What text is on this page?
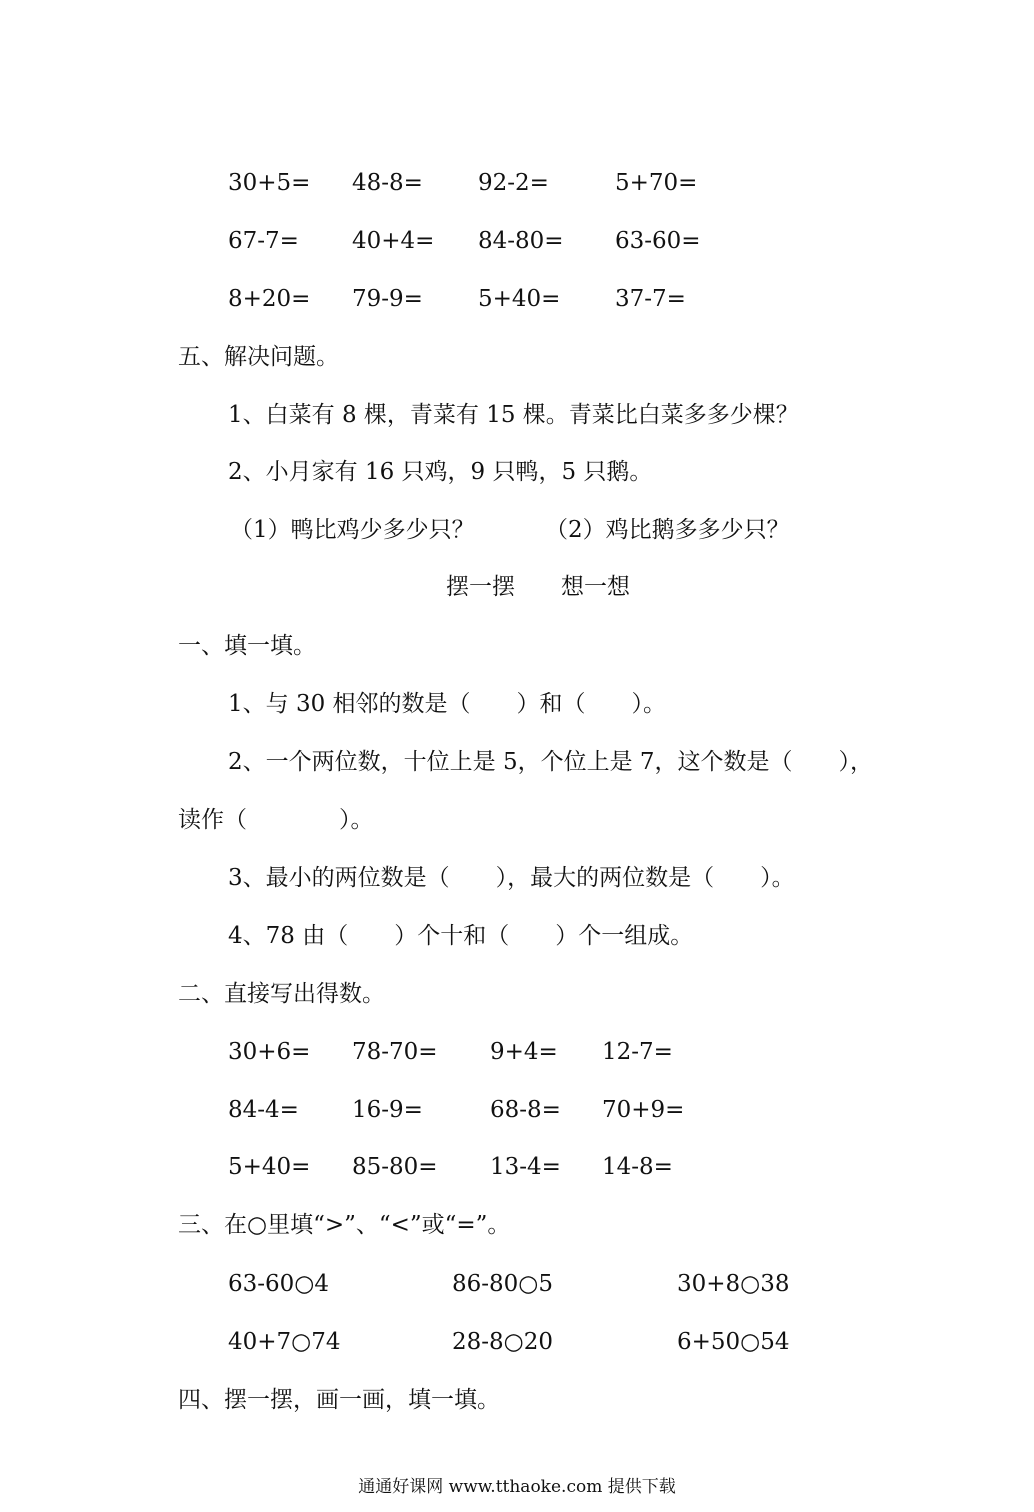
30+5= 48-8= 92-2=	5+70=
67-7= 40+4= 84-80= 63-60=
8+20= 79-9= 5+40= 37-7=
五、解决问题。
1、白菜有 8 棵，青菜有 15 棵。青菜比白菜多多少棵？
2、小月家有 16 只鸡，9 只鸭，5 只鹅。
（1）鸭比鸡少多少只？	（2）鸡比鹅多多少只？
摆一摆　　想一想
一、填一填。
1、与 30 相邻的数是（　　）和（　　）。
2、一个两位数，十位上是 5，个位上是 7，这个数是（　　），
读作（　　　　）。
3、最小的两位数是（　　），最大的两位数是（　　）。
4、78 由（　　）个十和（　　）个一组成。
二、直接写出得数。
30+6= 78-70= 9+4= 12-7=
84-4= 16-9=	68-8= 70+9=
5+40= 85-80= 13-4= 14-8=
三、在○里填“>”、“<”或“=”。
63-60○4	86-80○5	30+8○38
40+7○74	28-8○20	6+50○54
四、摆一摆，画一画，填一填。
通通好课网 www.tthaoke.com 提供下载
